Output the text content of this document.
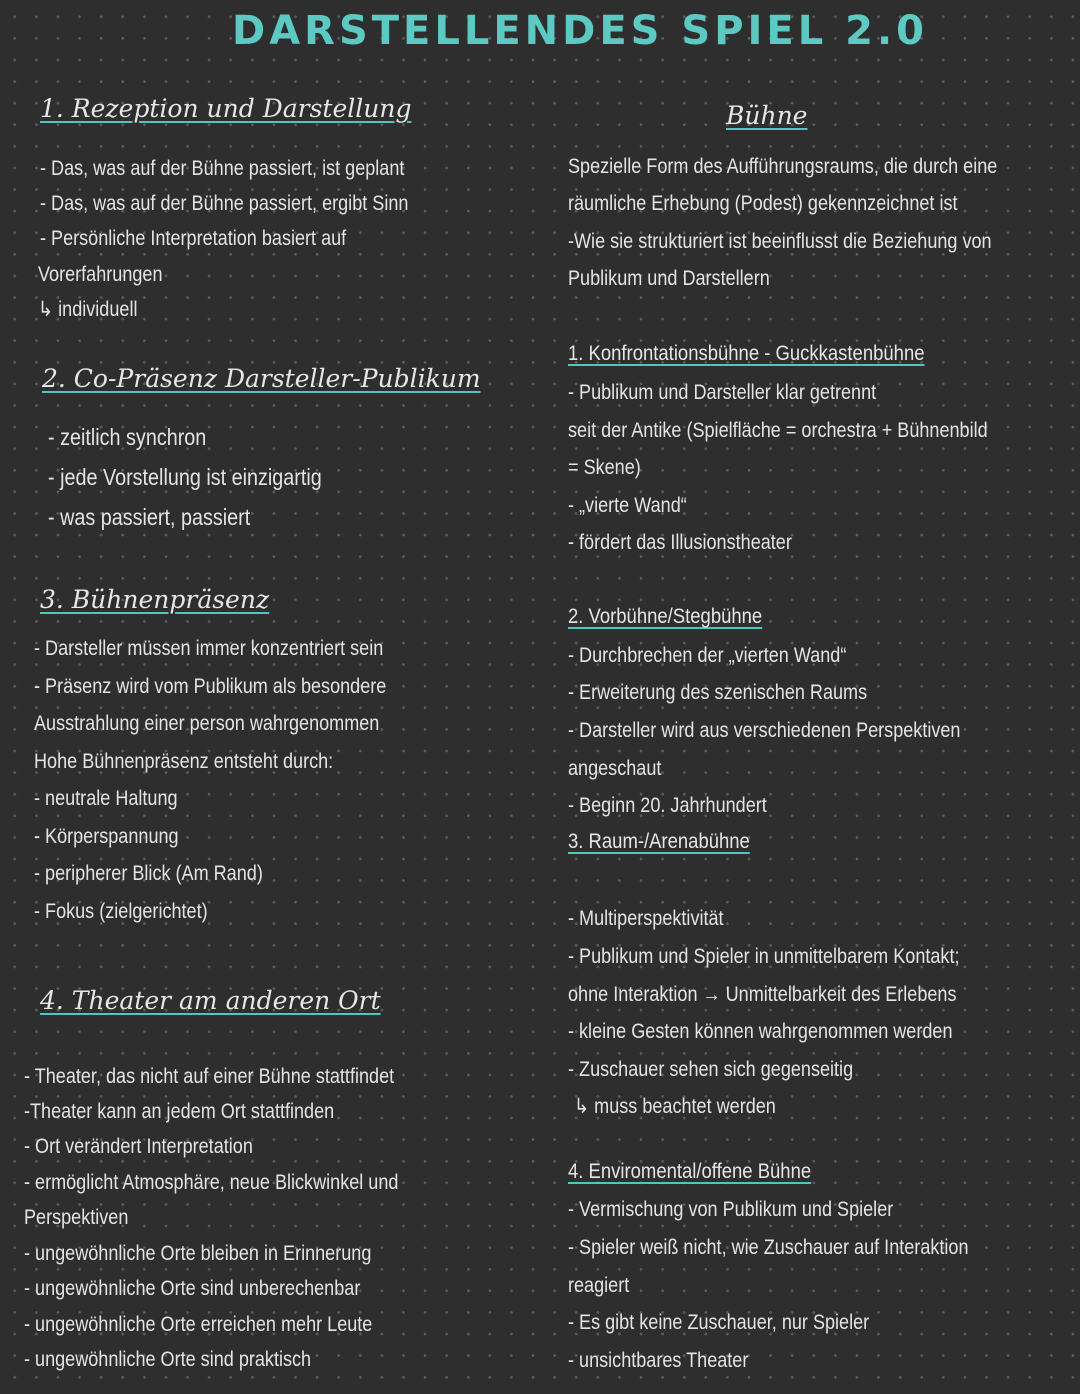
DARSTELLENDES SPIEL 2.0
1. Rezeption und Darstellung
- Das, was auf der Bühne passiert, ist geplant
- Das, was auf der Bühne passiert, ergibt Sinn
- Persönliche Interpretation basiert auf
Vorerfahrungen
↳ individuell
2. Co-Präsenz Darsteller-Publikum
- zeitlich synchron
- jede Vorstellung ist einzigartig
- was passiert, passiert
3. Bühnenpräsenz
- Darsteller müssen immer konzentriert sein
- Präsenz wird vom Publikum als besondere
Ausstrahlung einer person wahrgenommen
Hohe Bühnenpräsenz entsteht durch:
- neutrale Haltung
- Körperspannung
- peripherer Blick (Am Rand)
- Fokus (zielgerichtet)
4. Theater am anderen Ort
- Theater, das nicht auf einer Bühne stattfindet
-Theater kann an jedem Ort stattfinden
- Ort verändert Interpretation
- ermöglicht Atmosphäre, neue Blickwinkel und
Perspektiven
- ungewöhnliche Orte bleiben in Erinnerung
- ungewöhnliche Orte sind unberechenbar
- ungewöhnliche Orte erreichen mehr Leute
- ungewöhnliche Orte sind praktisch
Bühne
Spezielle Form des Aufführungsraums, die durch eine
räumliche Erhebung (Podest) gekennzeichnet ist
-Wie sie strukturiert ist beeinflusst die Beziehung von
Publikum und Darstellern
1. Konfrontationsbühne - Guckkastenbühne
- Publikum und Darsteller klar getrennt
seit der Antike (Spielfläche = orchestra + Bühnenbild
= Skene)
- „vierte Wand“
- fördert das Illusionstheater
2. Vorbühne/Stegbühne
- Durchbrechen der „vierten Wand“
- Erweiterung des szenischen Raums
- Darsteller wird aus verschiedenen Perspektiven
angeschaut
- Beginn 20. Jahrhundert
3. Raum-/Arenabühne
- Multiperspektivität
- Publikum und Spieler in unmittelbarem Kontakt;
ohne Interaktion → Unmittelbarkeit des Erlebens
- kleine Gesten können wahrgenommen werden
- Zuschauer sehen sich gegenseitig
↳ muss beachtet werden
4. Enviromental/offene Bühne
- Vermischung von Publikum und Spieler
- Spieler weiß nicht, wie Zuschauer auf Interaktion
reagiert
- Es gibt keine Zuschauer, nur Spieler
- unsichtbares Theater
